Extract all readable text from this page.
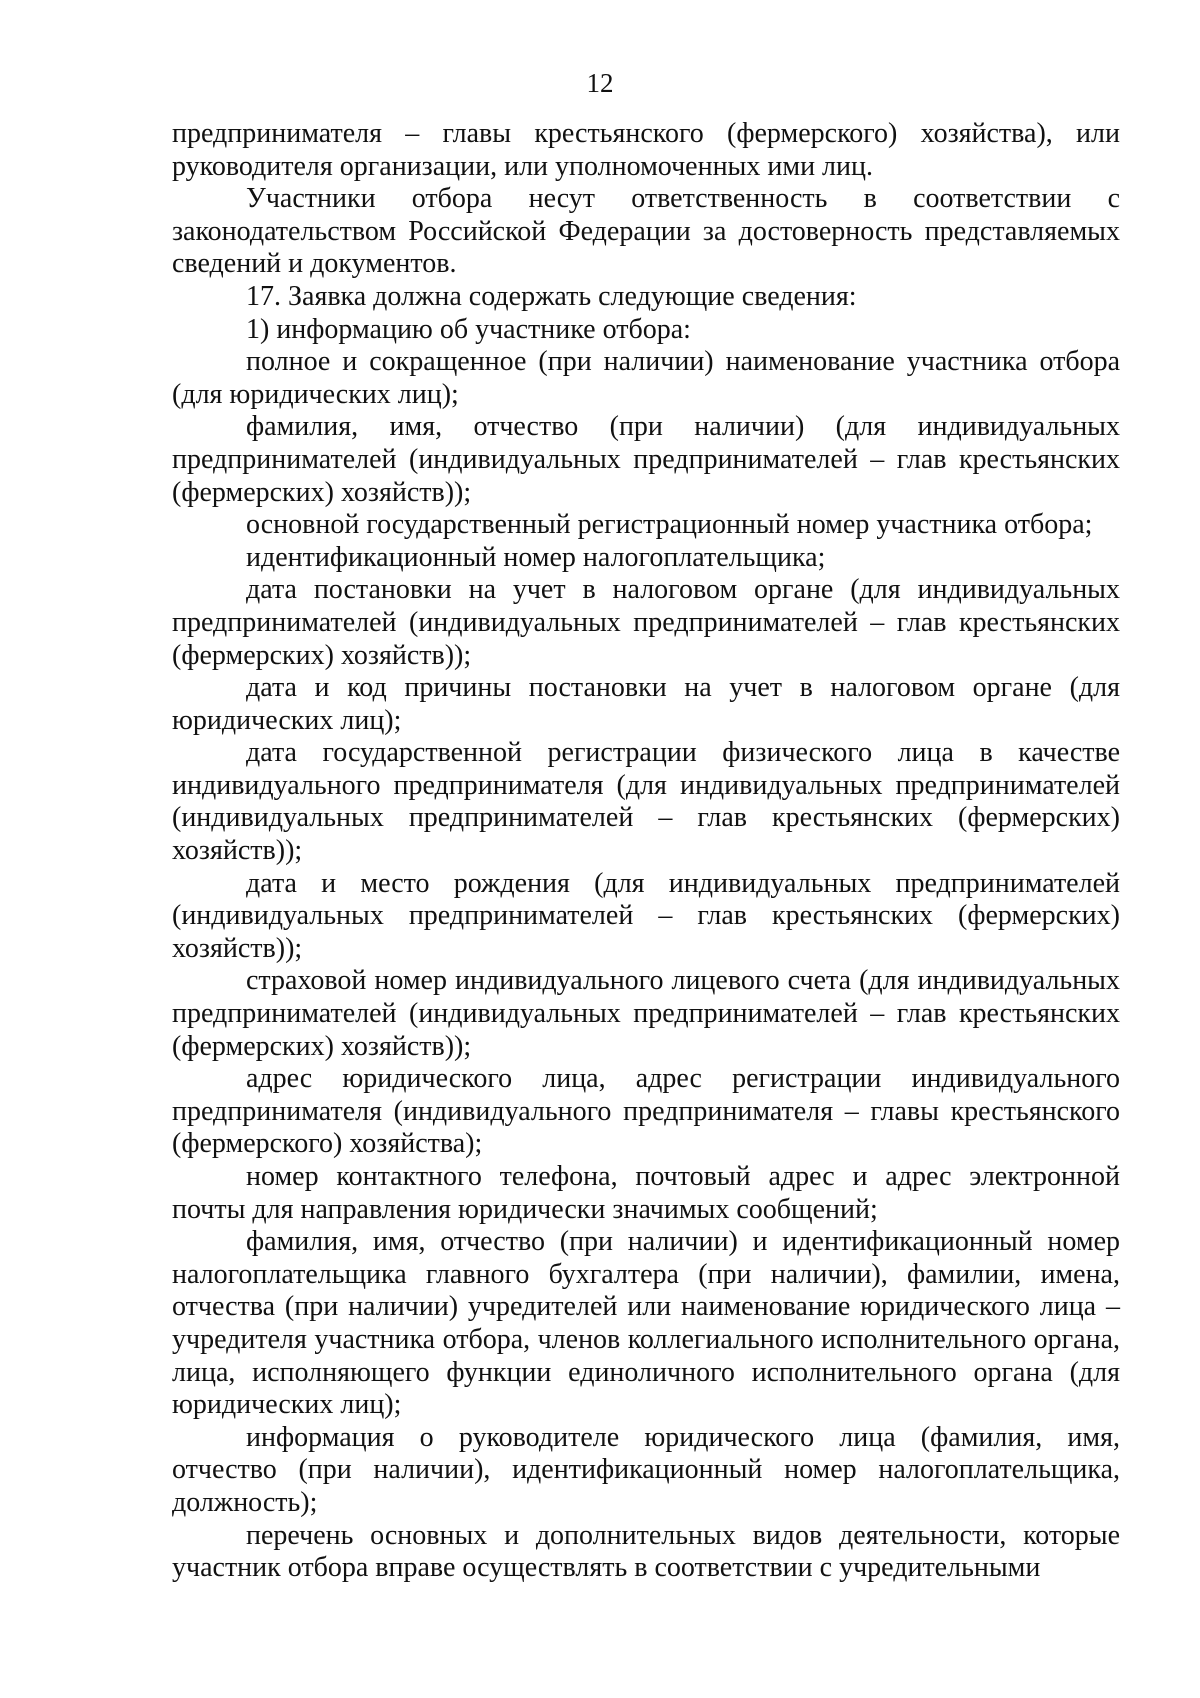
12

предпринимателя – главы крестьянского (фермерского) хозяйства), или руководителя организации, или уполномоченных ими лиц.

Участники отбора несут ответственность в соответствии с законодательством Российской Федерации за достоверность представляемых сведений и документов.

17. Заявка должна содержать следующие сведения:

1) информацию об участнике отбора:

полное и сокращенное (при наличии) наименование участника отбора (для юридических лиц);

фамилия, имя, отчество (при наличии) (для индивидуальных предпринимателей (индивидуальных предпринимателей – глав крестьянских (фермерских) хозяйств));

основной государственный регистрационный номер участника отбора;

идентификационный номер налогоплательщика;

дата постановки на учет в налоговом органе (для индивидуальных предпринимателей (индивидуальных предпринимателей – глав крестьянских (фермерских) хозяйств));

дата и код причины постановки на учет в налоговом органе (для юридических лиц);

дата государственной регистрации физического лица в качестве индивидуального предпринимателя (для индивидуальных предпринимателей (индивидуальных предпринимателей – глав крестьянских (фермерских) хозяйств));

дата и место рождения (для индивидуальных предпринимателей (индивидуальных предпринимателей – глав крестьянских (фермерских) хозяйств));

страховой номер индивидуального лицевого счета (для индивидуальных предпринимателей (индивидуальных предпринимателей – глав крестьянских (фермерских) хозяйств));

адрес юридического лица, адрес регистрации индивидуального предпринимателя (индивидуального предпринимателя – главы крестьянского (фермерского) хозяйства);

номер контактного телефона, почтовый адрес и адрес электронной почты для направления юридически значимых сообщений;

фамилия, имя, отчество (при наличии) и идентификационный номер налогоплательщика главного бухгалтера (при наличии), фамилии, имена, отчества (при наличии) учредителей или наименование юридического лица – учредителя участника отбора, членов коллегиального исполнительного органа, лица, исполняющего функции единоличного исполнительного органа (для юридических лиц);

информация о руководителе юридического лица (фамилия, имя, отчество (при наличии), идентификационный номер налогоплательщика, должность);

перечень основных и дополнительных видов деятельности, которые участник отбора вправе осуществлять в соответствии с учредительными
